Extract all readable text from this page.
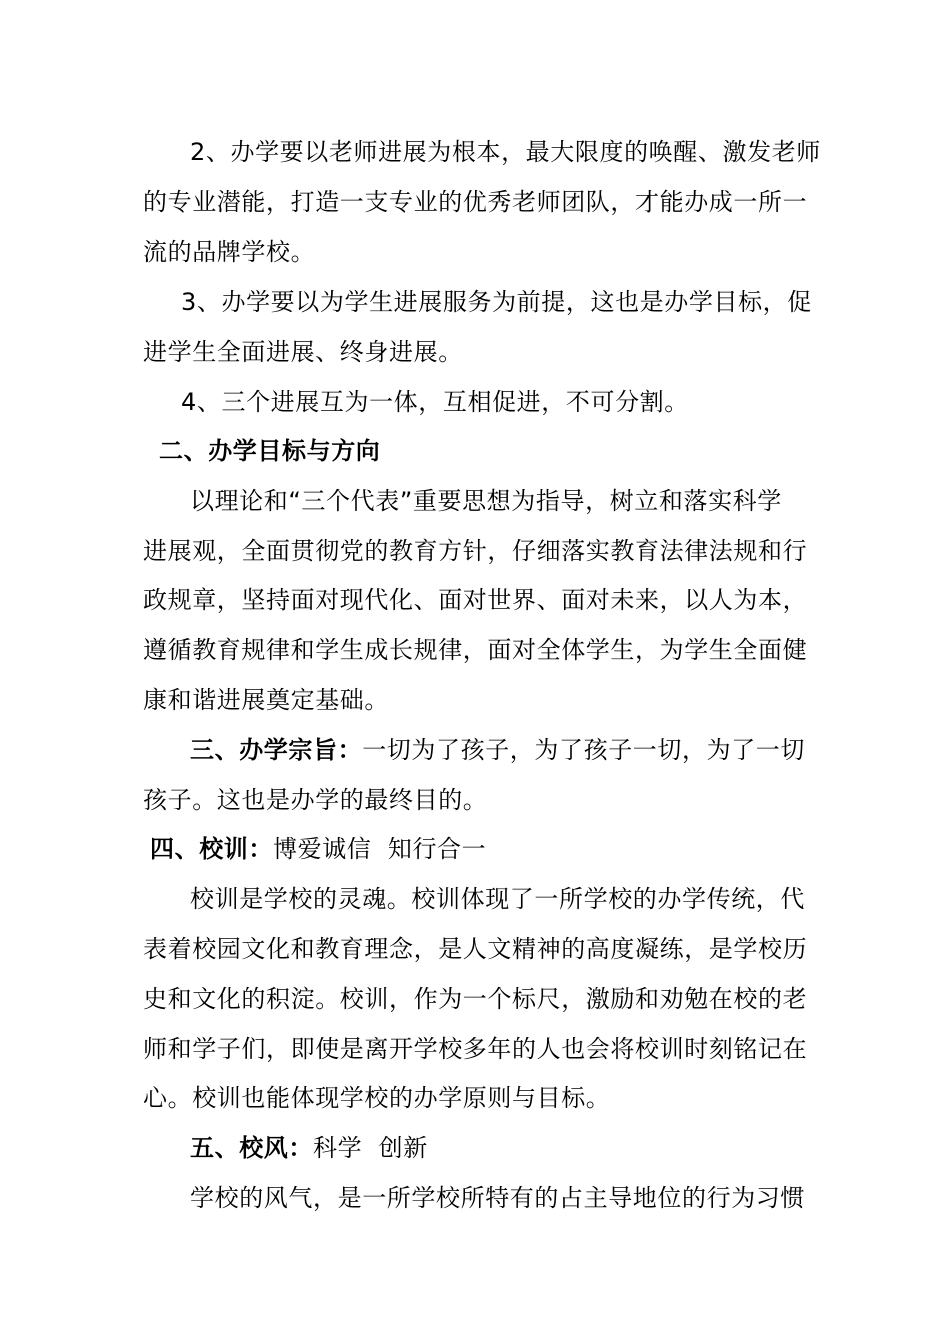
2、办学要以老师进展为根本，最大限度的唤醒、激发老师
的专业潜能，打造一支专业的优秀老师团队，才能办成一所一
流的品牌学校。
3、办学要以为学生进展服务为前提，这也是办学目标，促
进学生全面进展、终身进展。
4、三个进展互为一体，互相促进，不可分割。
二、办学目标与方向
以理论和“三个代表”重要思想为指导，树立和落实科学
进展观，全面贯彻党的教育方针，仔细落实教育法律法规和行
政规章，坚持面对现代化、面对世界、面对未来，以人为本，
遵循教育规律和学生成长规律，面对全体学生，为学生全面健
康和谐进展奠定基础。
三、办学宗旨：一切为了孩子，为了孩子一切，为了一切
孩子。这也是办学的最终目的。
四、校训：博爱诚信  知行合一
校训是学校的灵魂。校训体现了一所学校的办学传统，代
表着校园文化和教育理念，是人文精神的高度凝练，是学校历
史和文化的积淀。校训，作为一个标尺，激励和劝勉在校的老
师和学子们，即使是离开学校多年的人也会将校训时刻铭记在
心。校训也能体现学校的办学原则与目标。
五、校风：科学  创新
学校的风气，是一所学校所特有的占主导地位的行为习惯
